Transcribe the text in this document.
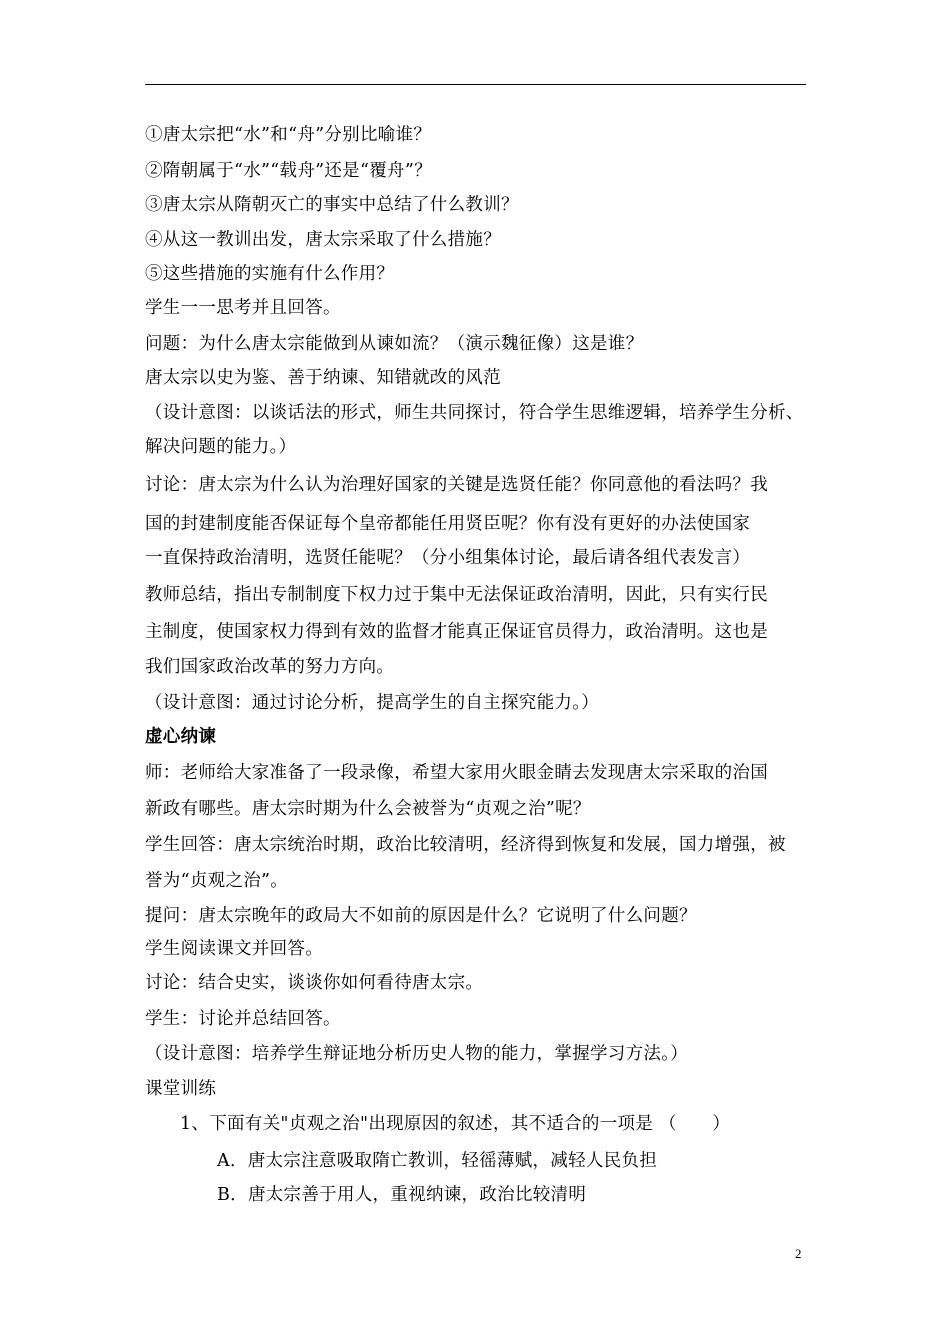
①唐太宗把“水”和“舟”分别比喻谁？
②隋朝属于“水”“载舟”还是“覆舟”？
③唐太宗从隋朝灭亡的事实中总结了什么教训？
④从这一教训出发，唐太宗采取了什么措施？
⑤这些措施的实施有什么作用？
学生一一思考并且回答。
问题：为什么唐太宗能做到从谏如流？（演示魏征像）这是谁？
唐太宗以史为鉴、善于纳谏、知错就改的风范
（设计意图：以谈话法的形式，师生共同探讨，符合学生思维逻辑，培养学生分析、
解决问题的能力。）
讨论：唐太宗为什么认为治理好国家的关键是选贤任能？你同意他的看法吗？我
国的封建制度能否保证每个皇帝都能任用贤臣呢？你有没有更好的办法使国家
一直保持政治清明，选贤任能呢？（分小组集体讨论，最后请各组代表发言）
教师总结，指出专制制度下权力过于集中无法保证政治清明，因此，只有实行民
主制度，使国家权力得到有效的监督才能真正保证官员得力，政治清明。这也是
我们国家政治改革的努力方向。
（设计意图：通过讨论分析，提高学生的自主探究能力。）
虚心纳谏
师：老师给大家准备了一段录像，希望大家用火眼金睛去发现唐太宗采取的治国
新政有哪些。唐太宗时期为什么会被誉为“贞观之治”呢？
学生回答：唐太宗统治时期，政治比较清明，经济得到恢复和发展，国力增强，被
誉为“贞观之治”。
提问：唐太宗晚年的政局大不如前的原因是什么？它说明了什么问题？
学生阅读课文并回答。
讨论：结合史实，谈谈你如何看待唐太宗。
学生：讨论并总结回答。
（设计意图：培养学生辩证地分析历史人物的能力，掌握学习方法。）
课堂训练
1、下面有关"贞观之治"出现原因的叙述，其不适合的一项是 （　　）
A．唐太宗注意吸取隋亡教训，轻徭薄赋，减轻人民负担
B．唐太宗善于用人，重视纳谏，政治比较清明
2
